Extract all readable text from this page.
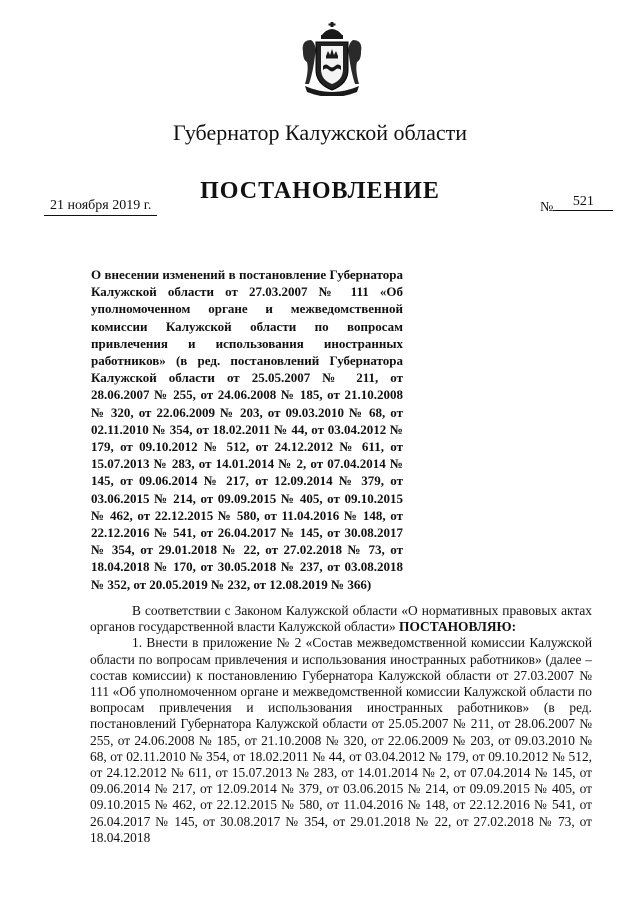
Губернатор Калужской области
ПОСТАНОВЛЕНИЕ
21 ноября 2019 г.	№ 521

О внесении изменений в постановление Губернатора Калужской области от 27.03.2007 № 111 «Об уполномоченном органе и межведомственной комиссии Калужской области по вопросам привлечения и использования иностранных работников» (в ред. постановлений Губернатора Калужской области от 25.05.2007 № 211, от 28.06.2007 № 255, от 24.06.2008 № 185, от 21.10.2008 № 320, от 22.06.2009 № 203, от 09.03.2010 № 68, от 02.11.2010 № 354, от 18.02.2011 № 44, от 03.04.2012 № 179, от 09.10.2012 № 512, от 24.12.2012 № 611, от 15.07.2013 № 283, от 14.01.2014 № 2, от 07.04.2014 № 145, от 09.06.2014 № 217, от 12.09.2014 № 379, от 03.06.2015 № 214, от 09.09.2015 № 405, от 09.10.2015 № 462, от 22.12.2015 № 580, от 11.04.2016 № 148, от 22.12.2016 № 541, от 26.04.2017 № 145, от 30.08.2017 № 354, от 29.01.2018 № 22, от 27.02.2018 № 73, от 18.04.2018 № 170, от 30.05.2018 № 237, от 03.08.2018 № 352, от 20.05.2019 № 232, от 12.08.2019 № 366)

В соответствии с Законом Калужской области «О нормативных правовых актах органов государственной власти Калужской области» ПОСТАНОВЛЯЮ:

1. Внести в приложение № 2 «Состав межведомственной комиссии Калужской области по вопросам привлечения и использования иностранных работников» (далее – состав комиссии) к постановлению Губернатора Калужской области от 27.03.2007 № 111 «Об уполномоченном органе и межведомственной комиссии Калужской области по вопросам привлечения и использования иностранных работников» (в ред. постановлений Губернатора Калужской области от 25.05.2007 № 211, от 28.06.2007 № 255, от 24.06.2008 № 185, от 21.10.2008 № 320, от 22.06.2009 № 203, от 09.03.2010 № 68, от 02.11.2010 № 354, от 18.02.2011 № 44, от 03.04.2012 № 179, от 09.10.2012 № 512, от 24.12.2012 № 611, от 15.07.2013 № 283, от 14.01.2014 № 2, от 07.04.2014 № 145, от 09.06.2014 № 217, от 12.09.2014 № 379, от 03.06.2015 № 214, от 09.09.2015 № 405, от 09.10.2015 № 462, от 22.12.2015 № 580, от 11.04.2016 № 148, от 22.12.2016 № 541, от 26.04.2017 № 145, от 30.08.2017 № 354, от 29.01.2018 № 22, от 27.02.2018 № 73, от 18.04.2018
